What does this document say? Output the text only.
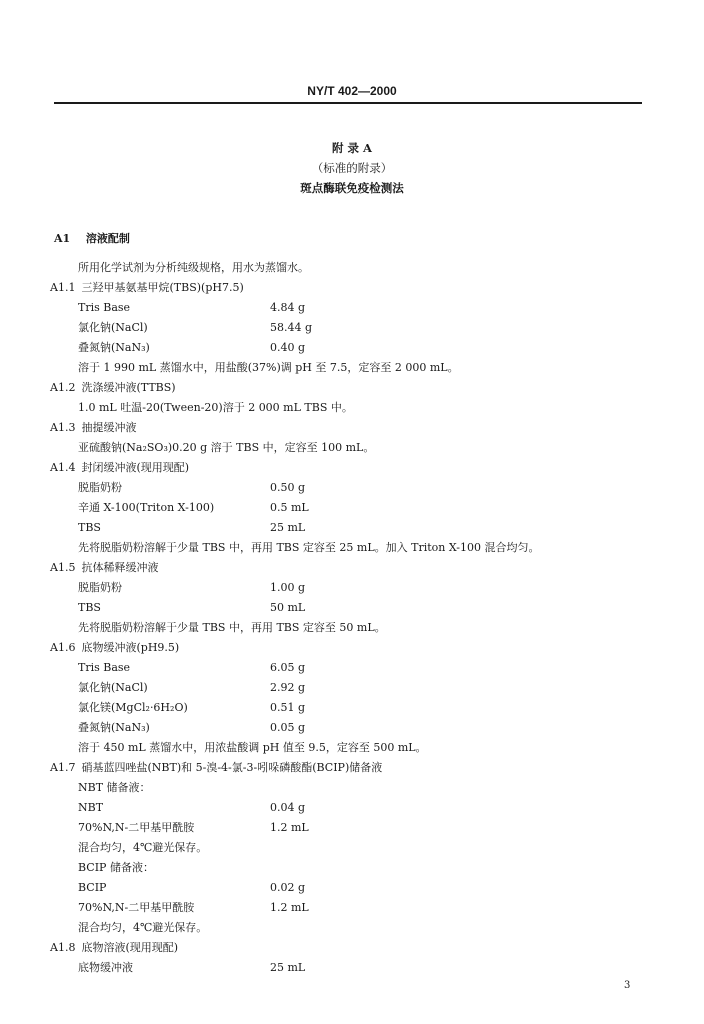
NY/T 402—2000
附 录 A
（标准的附录）
斑点酶联免疫检测法
A1 溶液配制
所用化学试剂为分析纯级规格，用水为蒸馏水。
A1.1 三羟甲基氨基甲烷(TBS)(pH7.5)
Tris Base	4.84 g
氯化钠(NaCl)	58.44 g
叠氮钠(NaN₃)	0.40 g
溶于 1 990 mL 蒸馏水中，用盐酸(37%)调 pH 至 7.5，定容至 2 000 mL。
A1.2 洗涤缓冲液(TTBS)
1.0 mL 吐温-20(Tween-20)溶于 2 000 mL TBS 中。
A1.3 抽提缓冲液
亚硫酸钠(Na₂SO₃)0.20 g 溶于 TBS 中，定容至 100 mL。
A1.4 封闭缓冲液(现用现配)
脱脂奶粉	0.50 g
辛通 X-100(Triton X-100)	0.5 mL
TBS	25 mL
先将脱脂奶粉溶解于少量 TBS 中，再用 TBS 定容至 25 mL。加入 Triton X-100 混合均匀。
A1.5 抗体稀释缓冲液
脱脂奶粉	1.00 g
TBS	50 mL
先将脱脂奶粉溶解于少量 TBS 中，再用 TBS 定容至 50 mL。
A1.6 底物缓冲液(pH9.5)
Tris Base	6.05 g
氯化钠(NaCl)	2.92 g
氯化镁(MgCl₂·6H₂O)	0.51 g
叠氮钠(NaN₃)	0.05 g
溶于 450 mL 蒸馏水中，用浓盐酸调 pH 值至 9.5，定容至 500 mL。
A1.7 硝基蓝四唑盐(NBT)和 5-溴-4-氯-3-吲哚磷酸酯(BCIP)储备液
NBT 储备液：
NBT	0.04 g
70%N,N-二甲基甲酰胺	1.2 mL
混合均匀，4℃避光保存。
BCIP 储备液：
BCIP	0.02 g
70%N,N-二甲基甲酰胺	1.2 mL
混合均匀，4℃避光保存。
A1.8 底物溶液(现用现配)
底物缓冲液	25 mL
3
